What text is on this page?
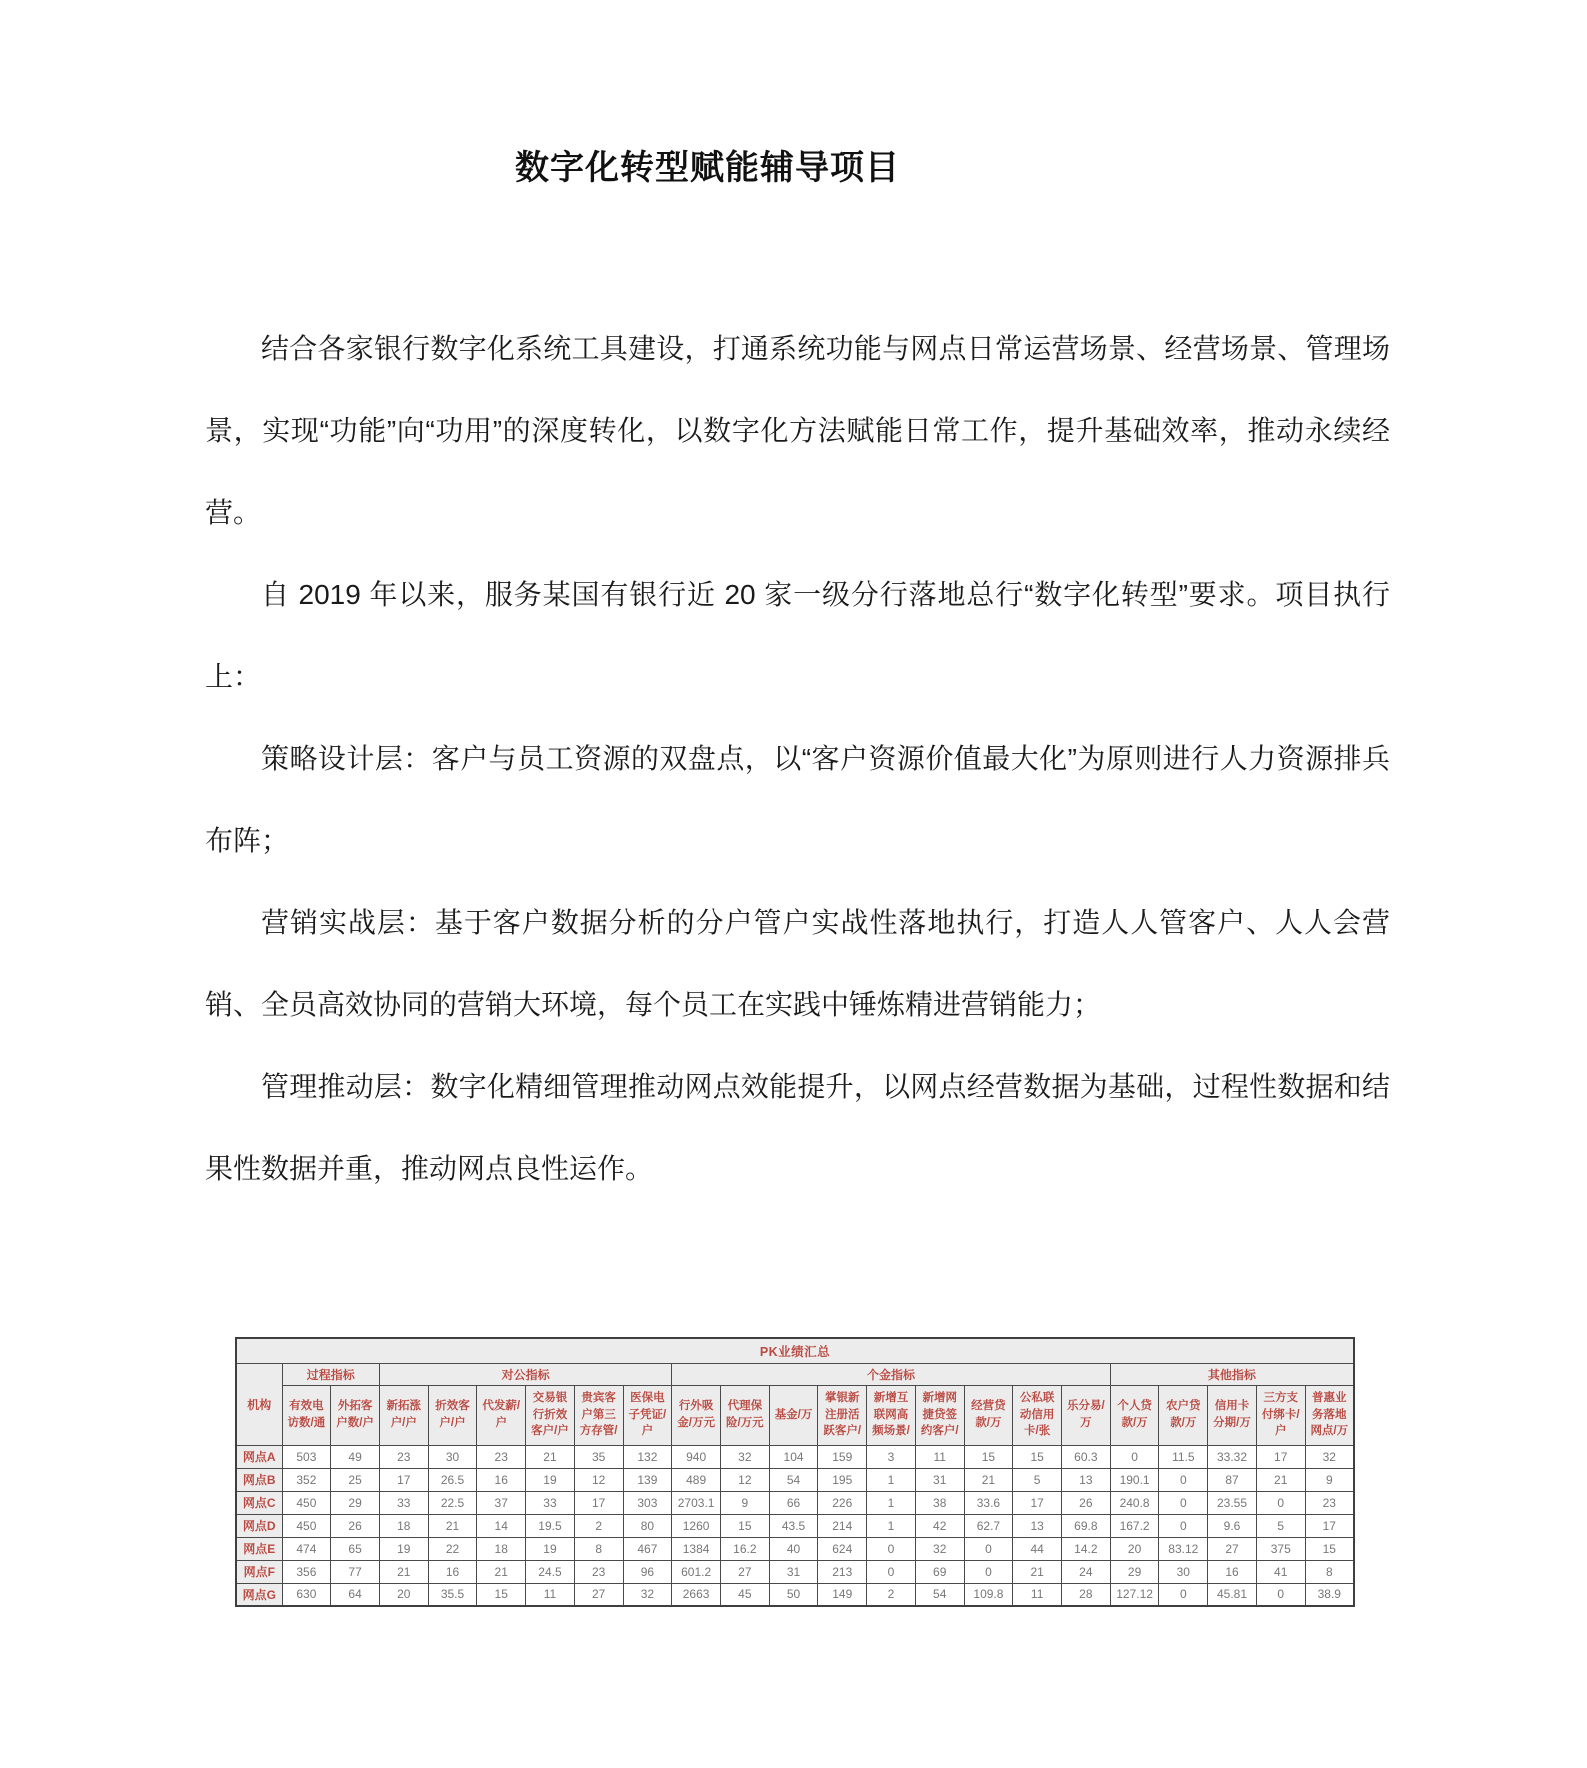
数字化转型赋能辅导项目

结合各家银行数字化系统工具建设，打通系统功能与网点日常运营场景、经营场景、管理场景，实现“功能”向“功用”的深度转化，以数字化方法赋能日常工作，提升基础效率，推动永续经营。

自 2019 年以来，服务某国有银行近 20 家一级分行落地总行“数字化转型”要求。项目执行上：

策略设计层：客户与员工资源的双盘点，以“客户资源价值最大化”为原则进行人力资源排兵布阵；

营销实战层：基于客户数据分析的分户管户实战性落地执行，打造人人管客户、人人会营销、全员高效协同的营销大环境，每个员工在实践中锤炼精进营销能力；

管理推动层：数字化精细管理推动网点效能提升，以网点经营数据为基础，过程性数据和结果性数据并重，推动网点良性运作。

PK业绩汇总																						
机构	过程指标		对公指标						个金指标									其他指标				
	有效电访数/通	外拓客户数/户	新拓涨户/户	折效客户/户	代发薪/户	交易银行折效客户/户	贵宾客户第三方存管/	医保电子凭证/户	行外吸金/万元	代理保险/万元	基金/万	掌银新注册活跃客户/	新增互联网高频场景/	新增网捷贷签约客户/	经营贷款/万	公私联动信用卡/张	乐分易/万	个人贷款/万	农户贷款/万	信用卡分期/万	三方支付绑卡/户	普惠业务落地网点/万
网点A	503	49	23	30	23	21	35	132	940	32	104	159	3	11	15	15	60.3	0	11.5	33.32	17	32
网点B	352	25	17	26.5	16	19	12	139	489	12	54	195	1	31	21	5	13	190.1	0	87	21	9
网点C	450	29	33	22.5	37	33	17	303	2703.1	9	66	226	1	38	33.6	17	26	240.8	0	23.55	0	23
网点D	450	26	18	21	14	19.5	2	80	1260	15	43.5	214	1	42	62.7	13	69.8	167.2	0	9.6	5	17
网点E	474	65	19	22	18	19	8	467	1384	16.2	40	624	0	32	0	44	14.2	20	83.12	27	375	15
网点F	356	77	21	16	21	24.5	23	96	601.2	27	31	213	0	69	0	21	24	29	30	16	41	8
网点G	630	64	20	35.5	15	11	27	32	2663	45	50	149	2	54	109.8	11	28	127.12	0	45.81	0	38.9
